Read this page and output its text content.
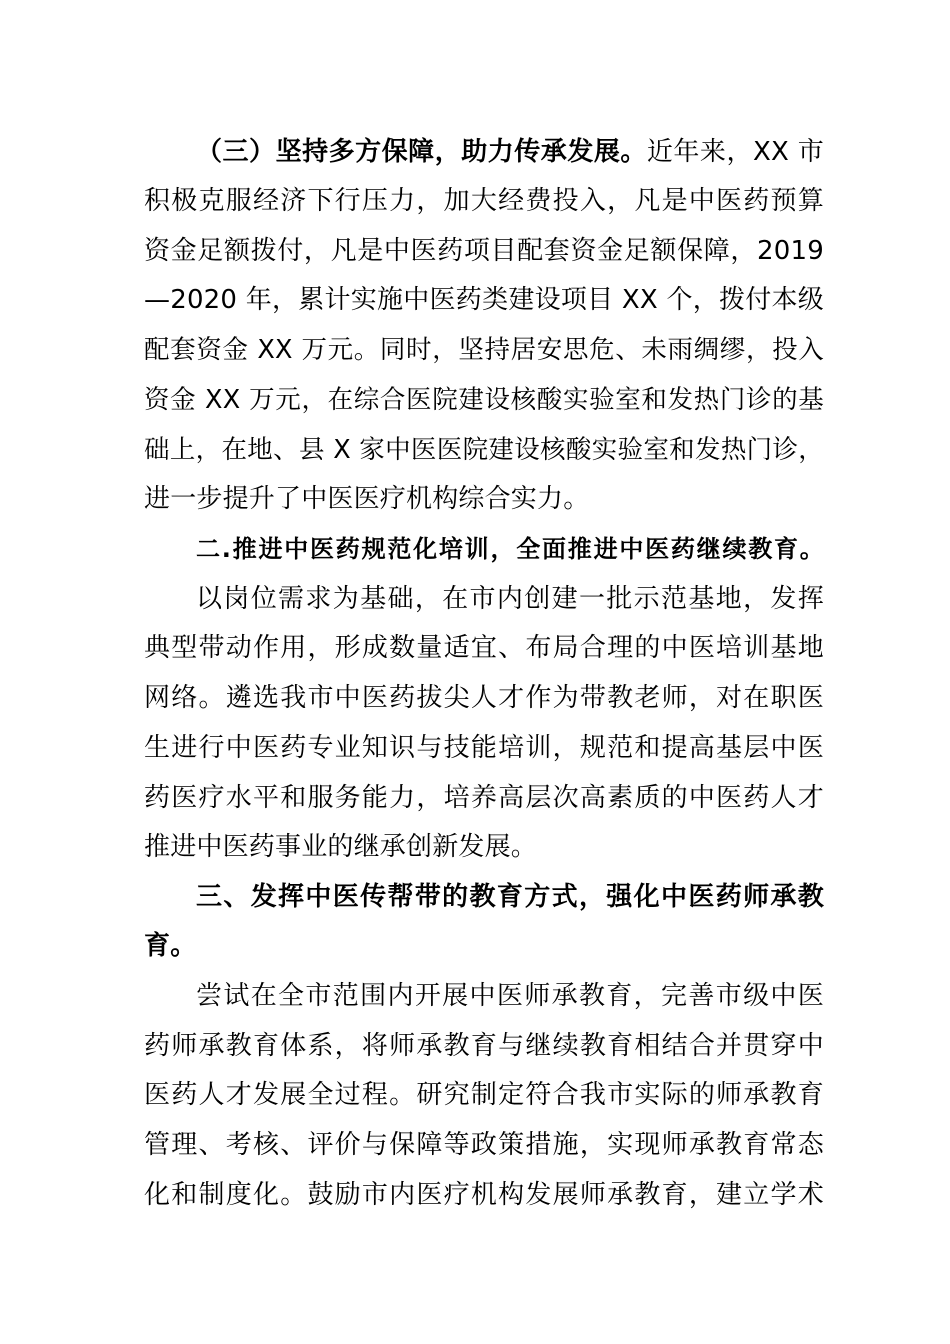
（三）坚持多方保障，助力传承发展。近年来，XX 市
积极克服经济下行压力，加大经费投入，凡是中医药预算
资金足额拨付，凡是中医药项目配套资金足额保障，2019
—2020 年，累计实施中医药类建设项目 XX 个，拨付本级
配套资金 XX 万元。同时，坚持居安思危、未雨绸缪，投入
资金 XX 万元，在综合医院建设核酸实验室和发热门诊的基
础上，在地、县 X 家中医医院建设核酸实验室和发热门诊，
进一步提升了中医医疗机构综合实力。
二.推进中医药规范化培训，全面推进中医药继续教育。
以岗位需求为基础，在市内创建一批示范基地，发挥
典型带动作用，形成数量适宜、布局合理的中医培训基地
网络。遴选我市中医药拔尖人才作为带教老师，对在职医
生进行中医药专业知识与技能培训，规范和提高基层中医
药医疗水平和服务能力，培养高层次高素质的中医药人才
推进中医药事业的继承创新发展。
三、发挥中医传帮带的教育方式，强化中医药师承教
育。
尝试在全市范围内开展中医师承教育，完善市级中医
药师承教育体系，将师承教育与继续教育相结合并贯穿中
医药人才发展全过程。研究制定符合我市实际的师承教育
管理、考核、评价与保障等政策措施，实现师承教育常态
化和制度化。鼓励市内医疗机构发展师承教育，建立学术
